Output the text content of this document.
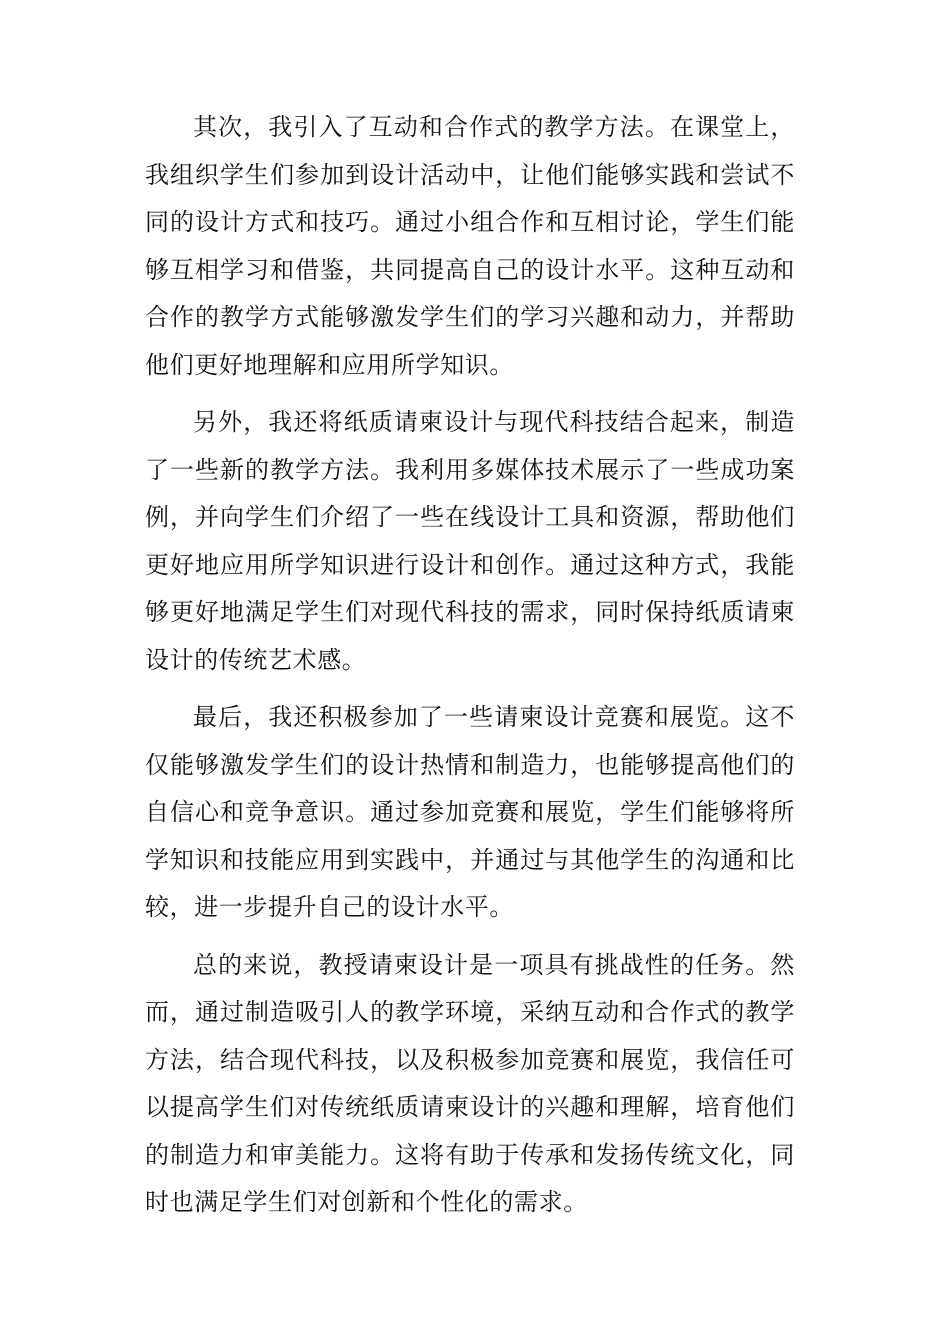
其次，我引入了互动和合作式的教学方法。在课堂上，我组织学生们参加到设计活动中，让他们能够实践和尝试不同的设计方式和技巧。通过小组合作和互相讨论，学生们能够互相学习和借鉴，共同提高自己的设计水平。这种互动和合作的教学方式能够激发学生们的学习兴趣和动力，并帮助他们更好地理解和应用所学知识。

另外，我还将纸质请柬设计与现代科技结合起来，制造了一些新的教学方法。我利用多媒体技术展示了一些成功案例，并向学生们介绍了一些在线设计工具和资源，帮助他们更好地应用所学知识进行设计和创作。通过这种方式，我能够更好地满足学生们对现代科技的需求，同时保持纸质请柬设计的传统艺术感。

最后，我还积极参加了一些请柬设计竞赛和展览。这不仅能够激发学生们的设计热情和制造力，也能够提高他们的自信心和竞争意识。通过参加竞赛和展览，学生们能够将所学知识和技能应用到实践中，并通过与其他学生的沟通和比较，进一步提升自己的设计水平。

总的来说，教授请柬设计是一项具有挑战性的任务。然而，通过制造吸引人的教学环境，采纳互动和合作式的教学方法，结合现代科技，以及积极参加竞赛和展览，我信任可以提高学生们对传统纸质请柬设计的兴趣和理解，培育他们的制造力和审美能力。这将有助于传承和发扬传统文化，同时也满足学生们对创新和个性化的需求。
